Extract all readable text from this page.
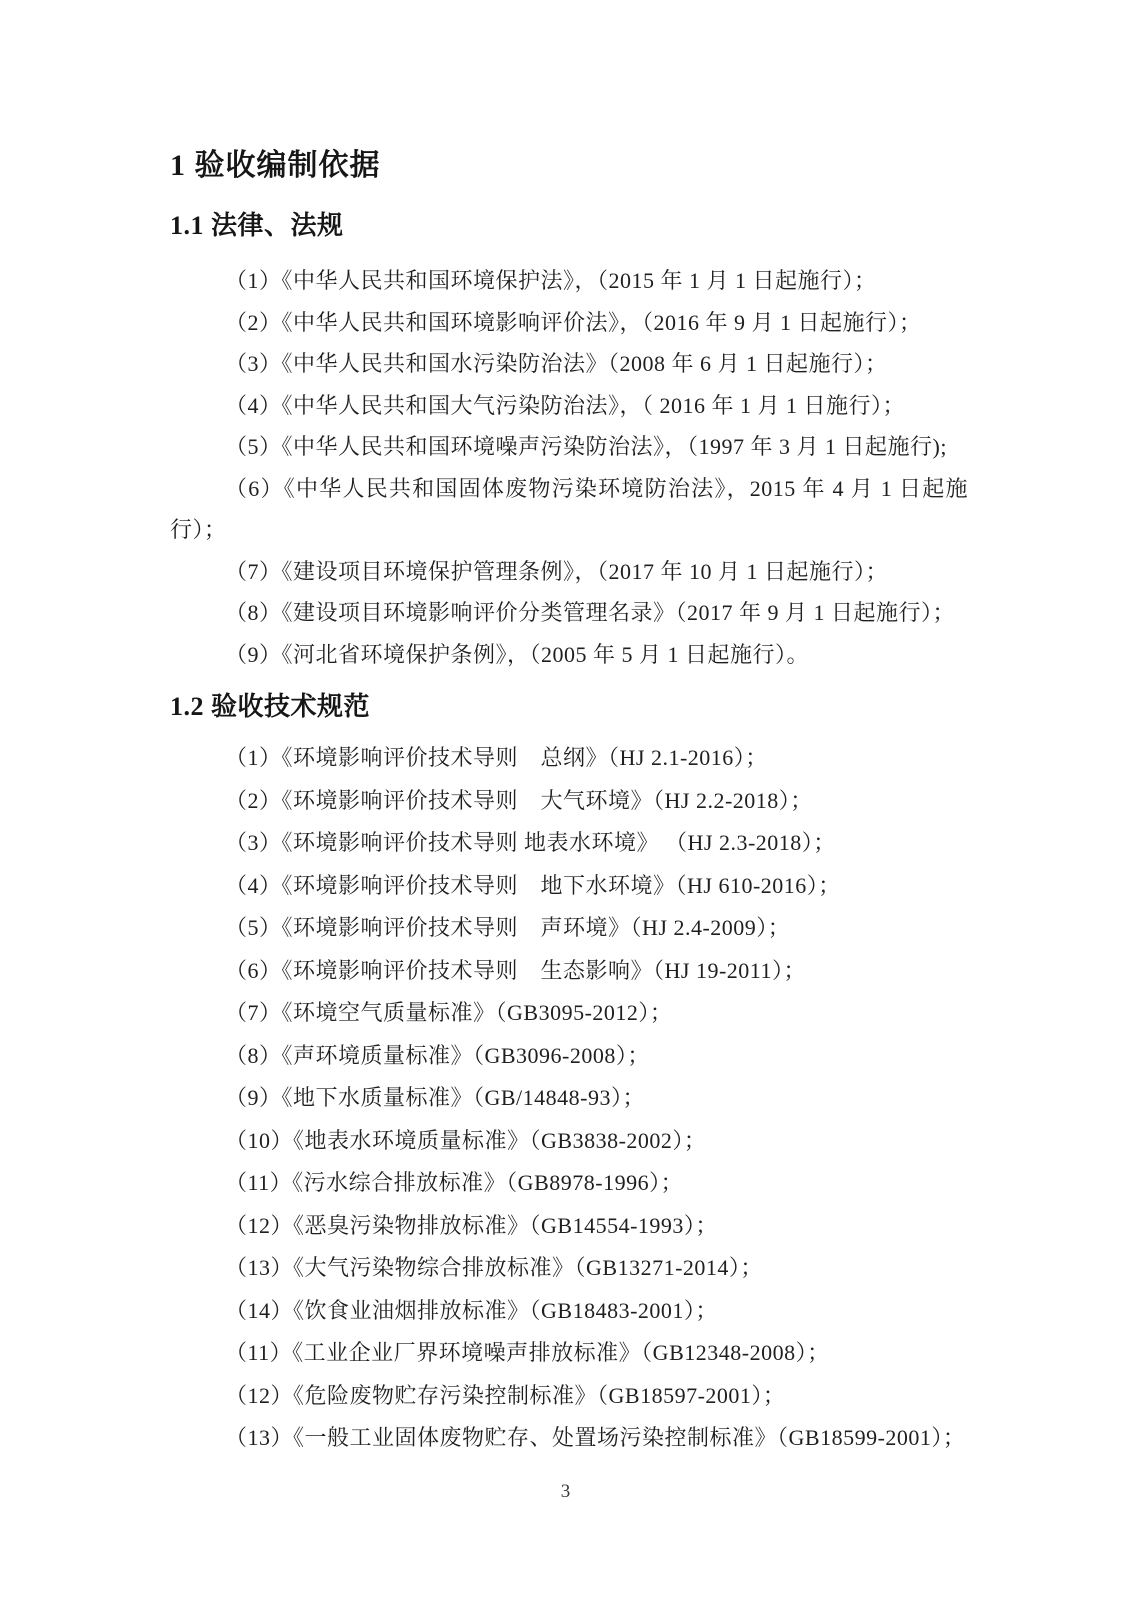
1 验收编制依据
1.1 法律、法规

（1）《中华人民共和国环境保护法》，（2015 年 1 月 1 日起施行）；

（2）《中华人民共和国环境影响评价法》，（2016 年 9 月 1 日起施行）；

（3）《中华人民共和国水污染防治法》（2008 年 6 月 1 日起施行）；

（4）《中华人民共和国大气污染防治法》，（ 2016 年 1 月 1 日施行）；

（5）《中华人民共和国环境噪声污染防治法》，（1997 年 3 月 1 日起施行);

（6）《中华人民共和国固体废物污染环境防治法》，2015 年 4 月 1 日起施行）；

（7）《建设项目环境保护管理条例》，（2017 年 10 月 1 日起施行）；

（8）《建设项目环境影响评价分类管理名录》（2017 年 9 月 1 日起施行）；

（9）《河北省环境保护条例》，（2005 年 5 月 1 日起施行）。

1.2 验收技术规范

（1）《环境影响评价技术导则　总纲》（HJ 2.1-2016）；

（2）《环境影响评价技术导则　大气环境》（HJ 2.2-2018）；

（3）《环境影响评价技术导则 地表水环境》 （HJ 2.3-2018）；

（4）《环境影响评价技术导则　地下水环境》（HJ 610-2016）；

（5）《环境影响评价技术导则　声环境》（HJ 2.4-2009）；

（6）《环境影响评价技术导则　生态影响》（HJ 19-2011）；

（7）《环境空气质量标准》（GB3095-2012）；

（8）《声环境质量标准》（GB3096-2008）；

（9）《地下水质量标准》（GB/14848-93）；

（10）《地表水环境质量标准》（GB3838-2002）；

（11）《污水综合排放标准》（GB8978-1996）；

（12）《恶臭污染物排放标准》（GB14554-1993）；

（13）《大气污染物综合排放标准》（GB13271-2014）；

（14）《饮食业油烟排放标准》（GB18483-2001）；

（11）《工业企业厂界环境噪声排放标准》（GB12348-2008）；

（12）《危险废物贮存污染控制标准》（GB18597-2001）；

（13）《一般工业固体废物贮存、处置场污染控制标准》（GB18599-2001）；

3
